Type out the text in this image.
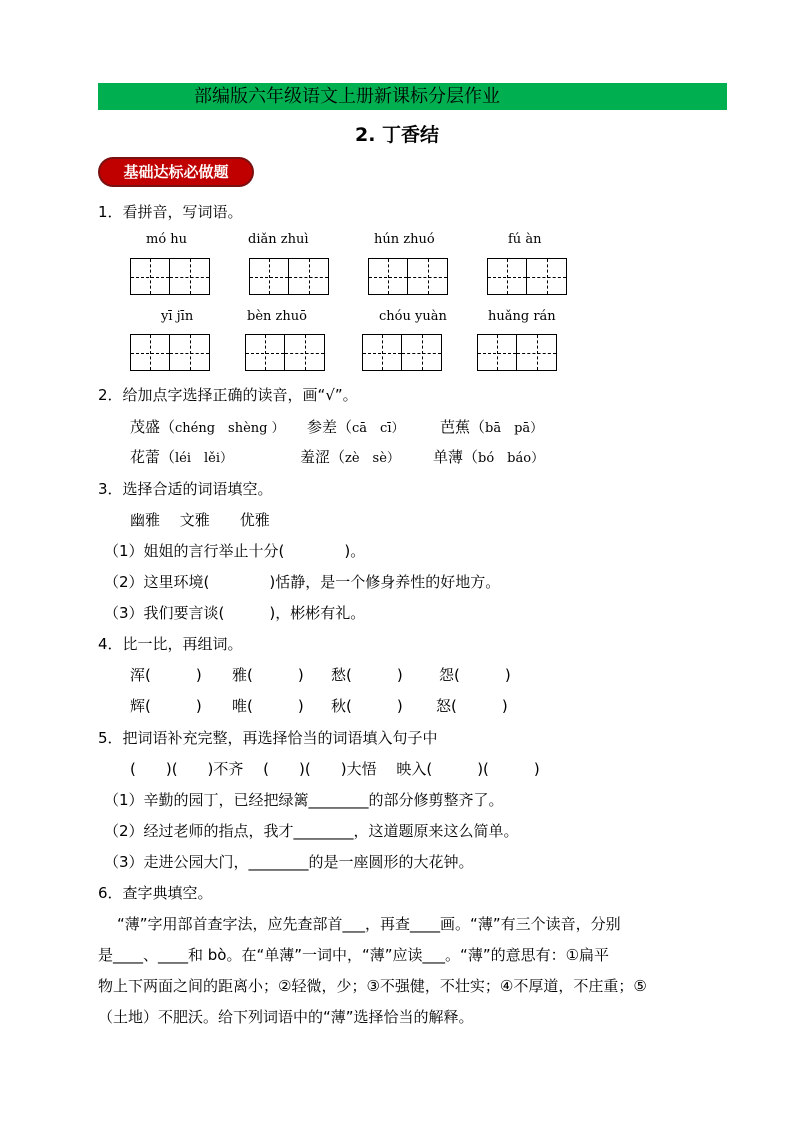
部编版六年级语文上册新课标分层作业
2. 丁香结
基础达标必做题
1．看拼音，写词语。
mó hu	diǎn zhuì	hún zhuó	fú àn
yī jīn	bèn zhuō	chóu yuàn	huǎng rán
2．给加点字选择正确的读音，画“√”。
茂盛（chéng　shèng ） 参差（cā　cī） 芭蕉（bā　pā）
花蕾（léi　lěi）	羞涩（zè　sè） 单薄（bó　báo）
3．选择合适的词语填空。
幽雅　 文雅　　优雅
（1）姐姐的言行举止十分(　　　　)。
（2）这里环境(　　　　)恬静，是一个修身养性的好地方。
（3）我们要言谈(　　　)，彬彬有礼。
4．比一比，再组词。
浑(　　　) 雅(　　　) 愁(　　　) 怨(　　　)
辉(　　　) 唯(　　　) 秋(　　　) 怒(　　　)
5．把词语补充完整，再选择恰当的词语填入句子中
(　　)(　　)不齐　 (　　)(　　)大悟　 映入(　　　)(　　　)
（1）辛勤的园丁，已经把绿篱________的部分修剪整齐了。
（2）经过老师的指点，我才________，这道题原来这么简单。
（3）走进公园大门，________的是一座圆形的大花钟。
6．查字典填空。
“薄”字用部首查字法，应先查部首___，再查____画。“薄”有三个读音，分别
是____、____和 bò。在“单薄”一词中，“薄”应读___。“薄”的意思有：①扁平
物上下两面之间的距离小；②轻微，少；③不强健，不壮实；④不厚道，不庄重；⑤
（土地）不肥沃。给下列词语中的“薄”选择恰当的解释。
